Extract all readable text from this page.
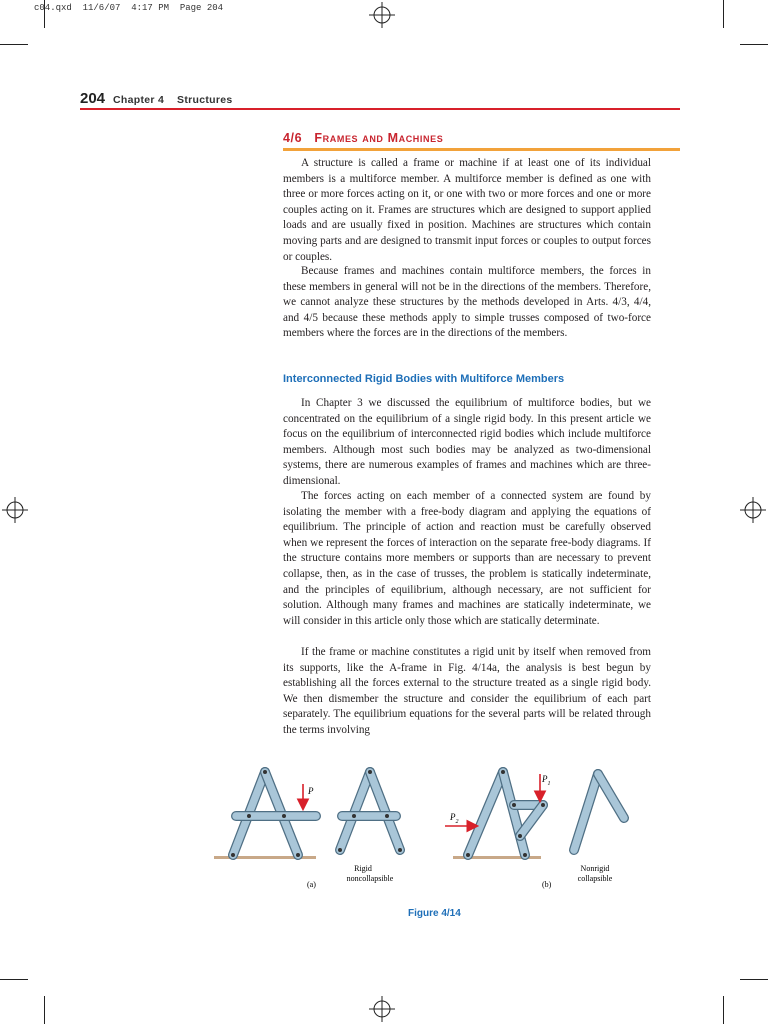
c04.qxd  11/6/07  4:17 PM  Page 204
204 Chapter 4    Structures
4/6 Frames and Machines

A structure is called a frame or machine if at least one of its individual members is a multiforce member. A multiforce member is defined as one with three or more forces acting on it, or one with two or more forces and one or more couples acting on it. Frames are structures which are designed to support applied loads and are usually fixed in position. Machines are structures which contain moving parts and are designed to transmit input forces or couples to output forces or couples.

Because frames and machines contain multiforce members, the forces in these members in general will not be in the directions of the members. Therefore, we cannot analyze these structures by the methods developed in Arts. 4/3, 4/4, and 4/5 because these methods apply to simple trusses composed of two-force members where the forces are in the directions of the members.

Interconnected Rigid Bodies with Multiforce Members

In Chapter 3 we discussed the equilibrium of multiforce bodies, but we concentrated on the equilibrium of a single rigid body. In this present article we focus on the equilibrium of interconnected rigid bodies which include multiforce members. Although most such bodies may be analyzed as two-dimensional systems, there are numerous examples of frames and machines which are three-dimensional.

The forces acting on each member of a connected system are found by isolating the member with a free-body diagram and applying the equations of equilibrium. The principle of action and reaction must be carefully observed when we represent the forces of interaction on the separate free-body diagrams. If the structure contains more members or supports than are necessary to prevent collapse, then, as in the case of trusses, the problem is statically indeterminate, and the principles of equilibrium, although necessary, are not sufficient for solution. Although many frames and machines are statically indeterminate, we will consider in this article only those which are statically determinate.

If the frame or machine constitutes a rigid unit by itself when removed from its supports, like the A-frame in Fig. 4/14a, the analysis is best begun by establishing all the forces external to the structure treated as a single rigid body. We then dismember the structure and consider the equilibrium of each part separately. The equilibrium equations for the several parts will be related through the terms involving

P
(a)
Rigid
noncollapsible
$P_1$
$P_2$
(b)
Nonrigid
collapsible
Figure 4/14
